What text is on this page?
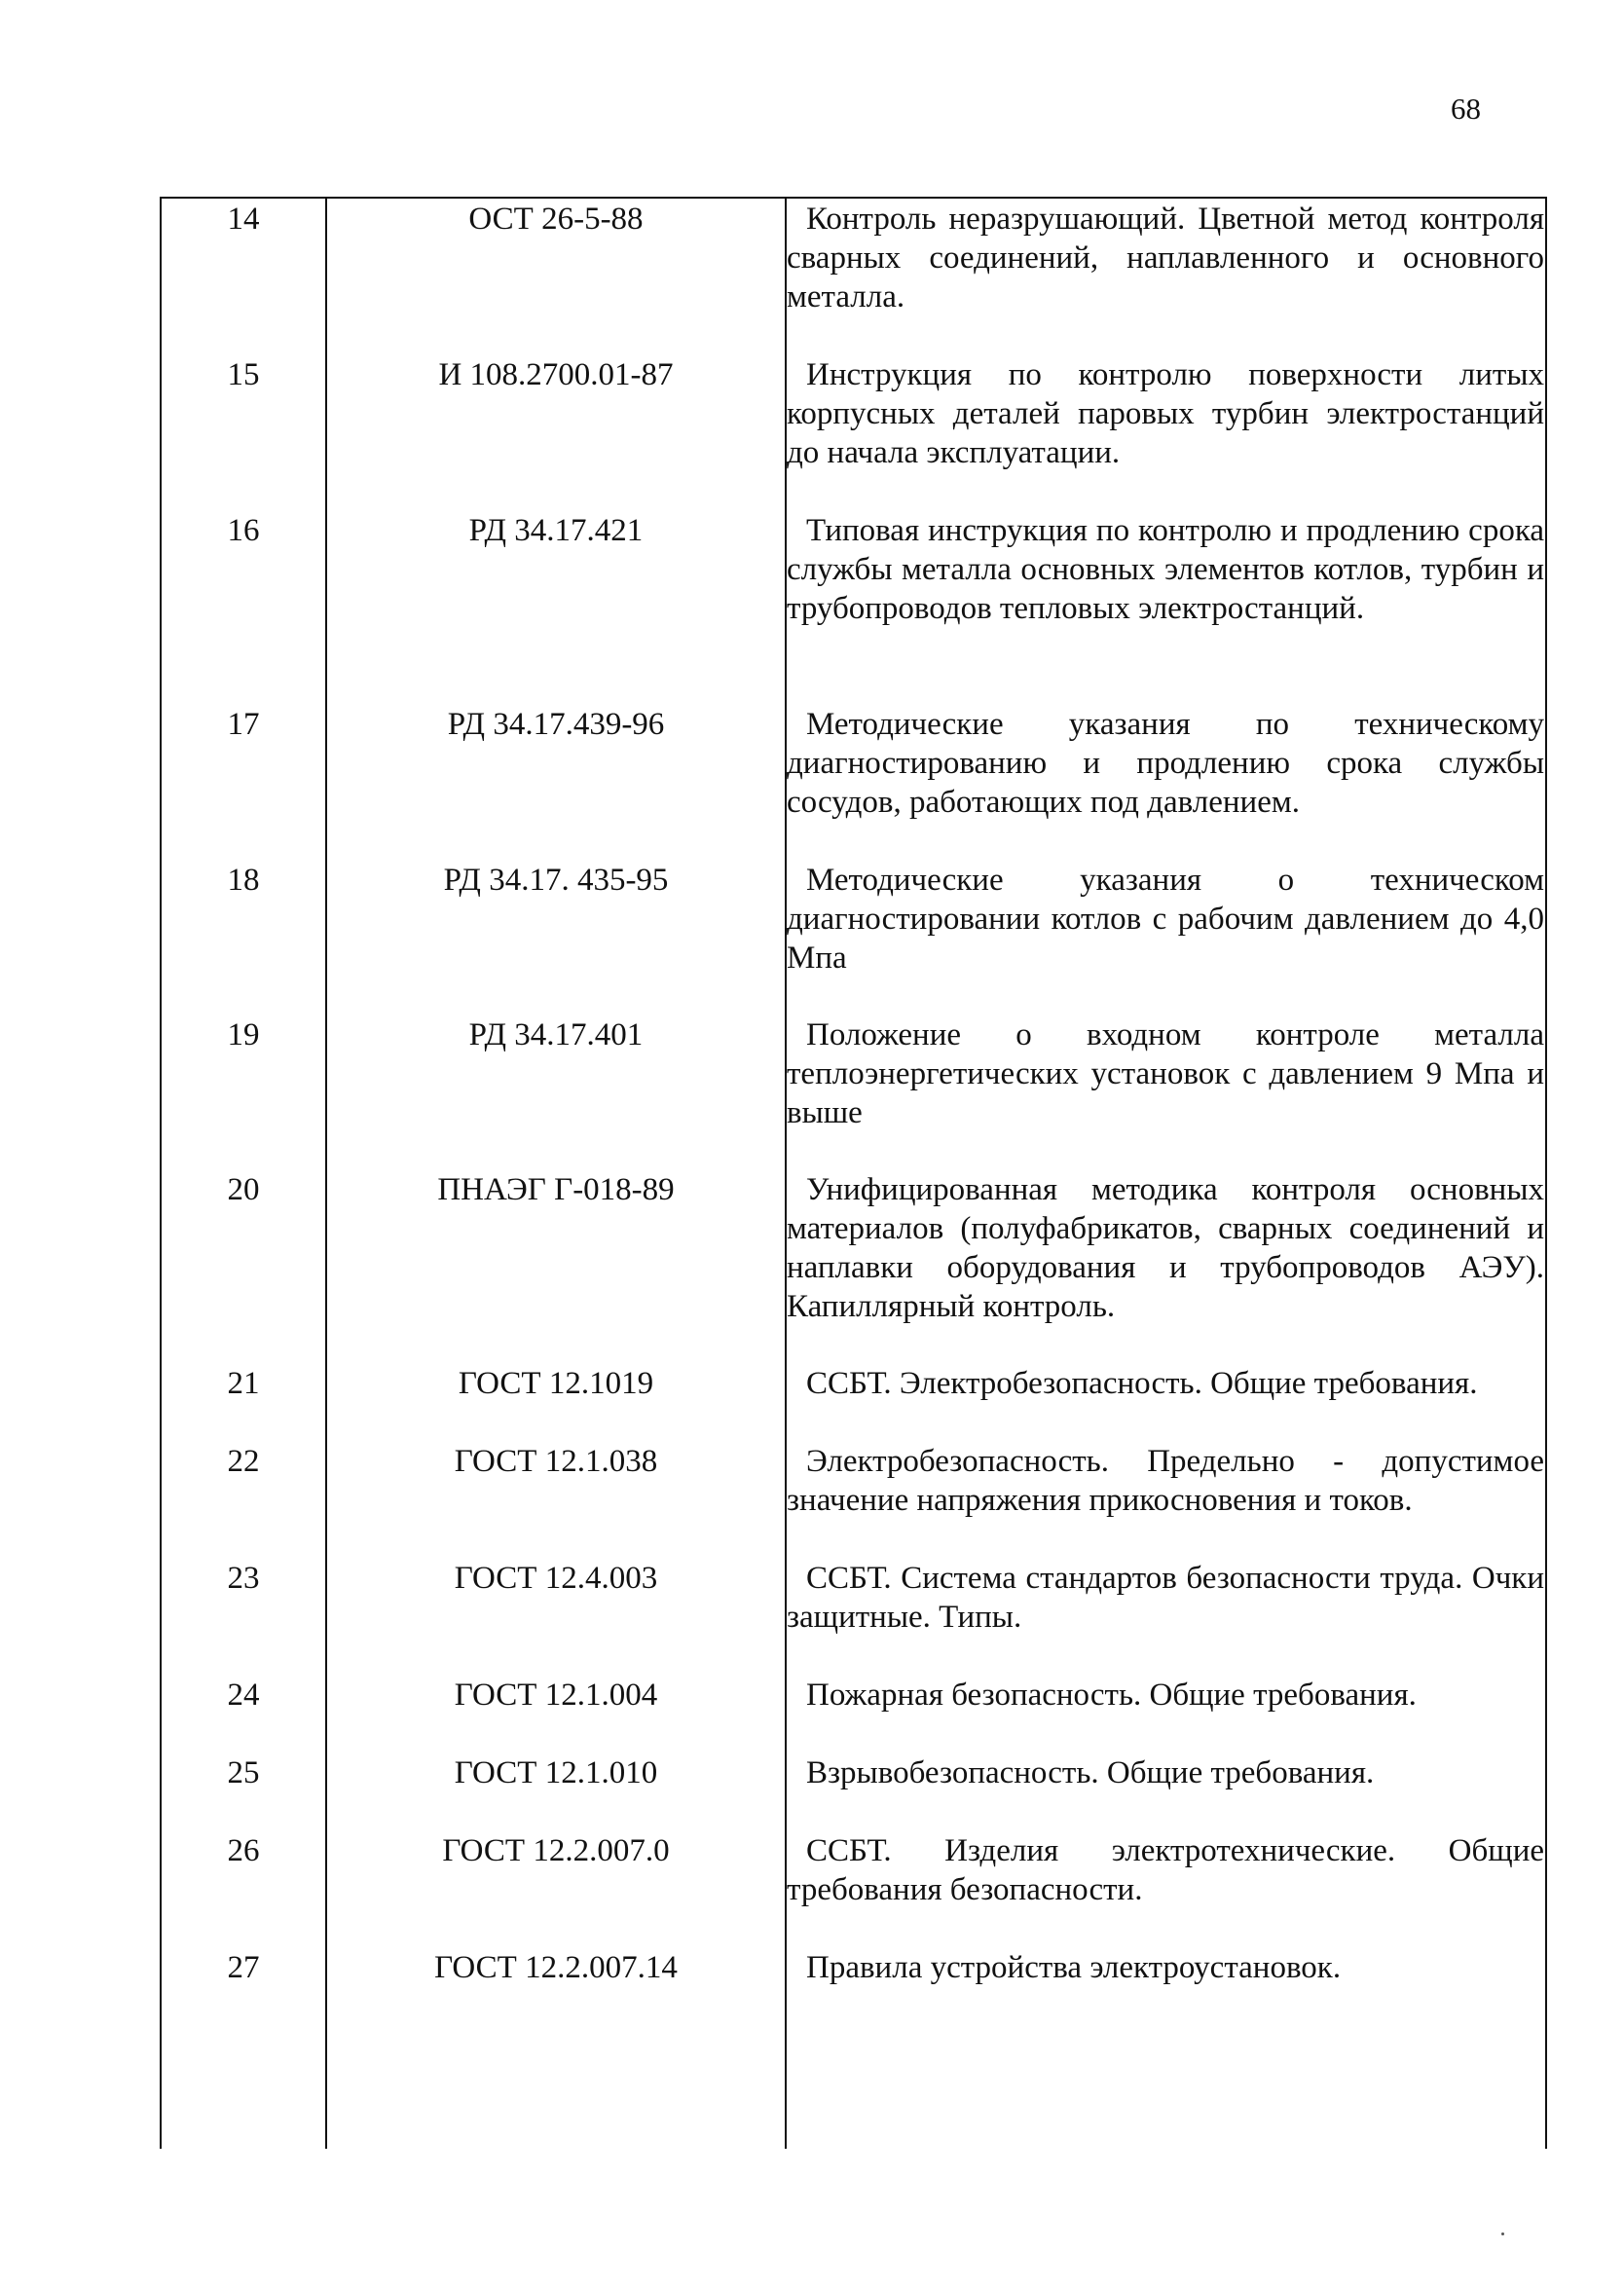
68
14	ОСТ 26-5-88	Контроль неразрушающий. Цветной метод контроля сварных соединений, наплавленного и основного металла.
15	И 108.2700.01-87	Инструкция по контролю поверхности литых корпусных деталей паровых турбин электростанций до начала эксплуатации.
16	РД 34.17.421	Типовая инструкция по контролю и продлению срока службы металла основных элементов котлов, турбин и трубопроводов тепловых электростанций.
17	РД 34.17.439-96	Методические указания по техническому диагностированию и продлению срока службы сосудов, работающих под давлением.
18	РД 34.17. 435-95	Методические указания о техническом диагностировании котлов с рабочим давлением до 4,0 Мпа
19	РД 34.17.401	Положение о входном контроле металла теплоэнергетических установок с давлением 9 Мпа и выше
20	ПНАЭГ Г-018-89	Унифицированная методика контроля основных материалов (полуфабрикатов, сварных соединений и наплавки оборудования и трубопроводов АЭУ). Капиллярный контроль.
21	ГОСТ 12.1019	ССБТ. Электробезопасность. Общие требования.
22	ГОСТ 12.1.038	Электробезопасность. Предельно - допустимое значение напряжения прикосновения и токов.
23	ГОСТ 12.4.003	ССБТ. Система стандартов безопасности труда. Очки защитные. Типы.
24	ГОСТ 12.1.004	Пожарная безопасность. Общие требования.
25	ГОСТ 12.1.010	Взрывобезопасность. Общие требования.
26	ГОСТ 12.2.007.0	ССБТ. Изделия электротехнические. Общие требования безопасности.
27	ГОСТ 12.2.007.14	Правила устройства электроустановок.
